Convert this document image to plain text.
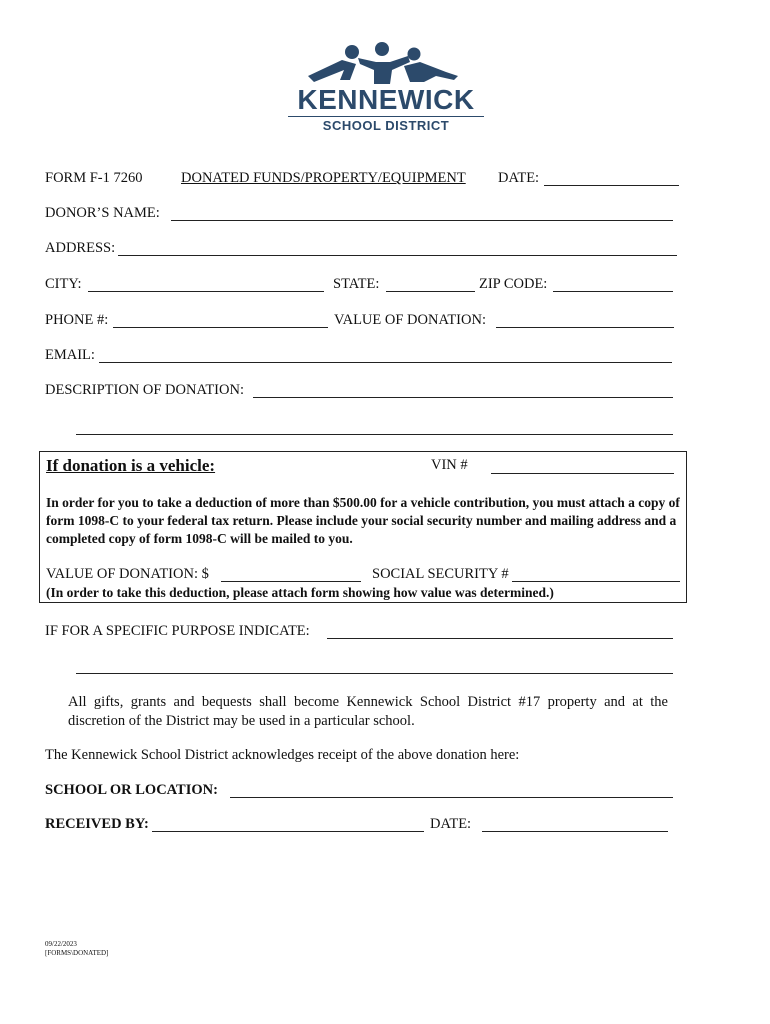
KENNEWICK
SCHOOL DISTRICT
FORM F-1 7260	DONATED FUNDS/PROPERTY/EQUIPMENT DATE:
DONOR’S NAME:
ADDRESS:
CITY:	STATE:	ZIP CODE:
PHONE #:	VALUE OF DONATION:
EMAIL:
DESCRIPTION OF DONATION:
If donation is a vehicle:	VIN #
In order for you to take a deduction of more than $500.00 for a vehicle contribution, you must attach a copy of form 1098-C to your federal tax return. Please include your social security number and mailing address and a completed copy of form 1098-C will be mailed to you.
VALUE OF DONATION: $	SOCIAL SECURITY #
(In order to take this deduction, please attach form showing how value was determined.)
IF FOR A SPECIFIC PURPOSE INDICATE:
All gifts, grants and bequests shall become Kennewick School District #17 property and at the discretion of the District may be used in a particular school.
The Kennewick School District acknowledges receipt of the above donation here:
SCHOOL OR LOCATION:
RECEIVED BY:	DATE:
09/22/2023
[FORMS\DONATED]
